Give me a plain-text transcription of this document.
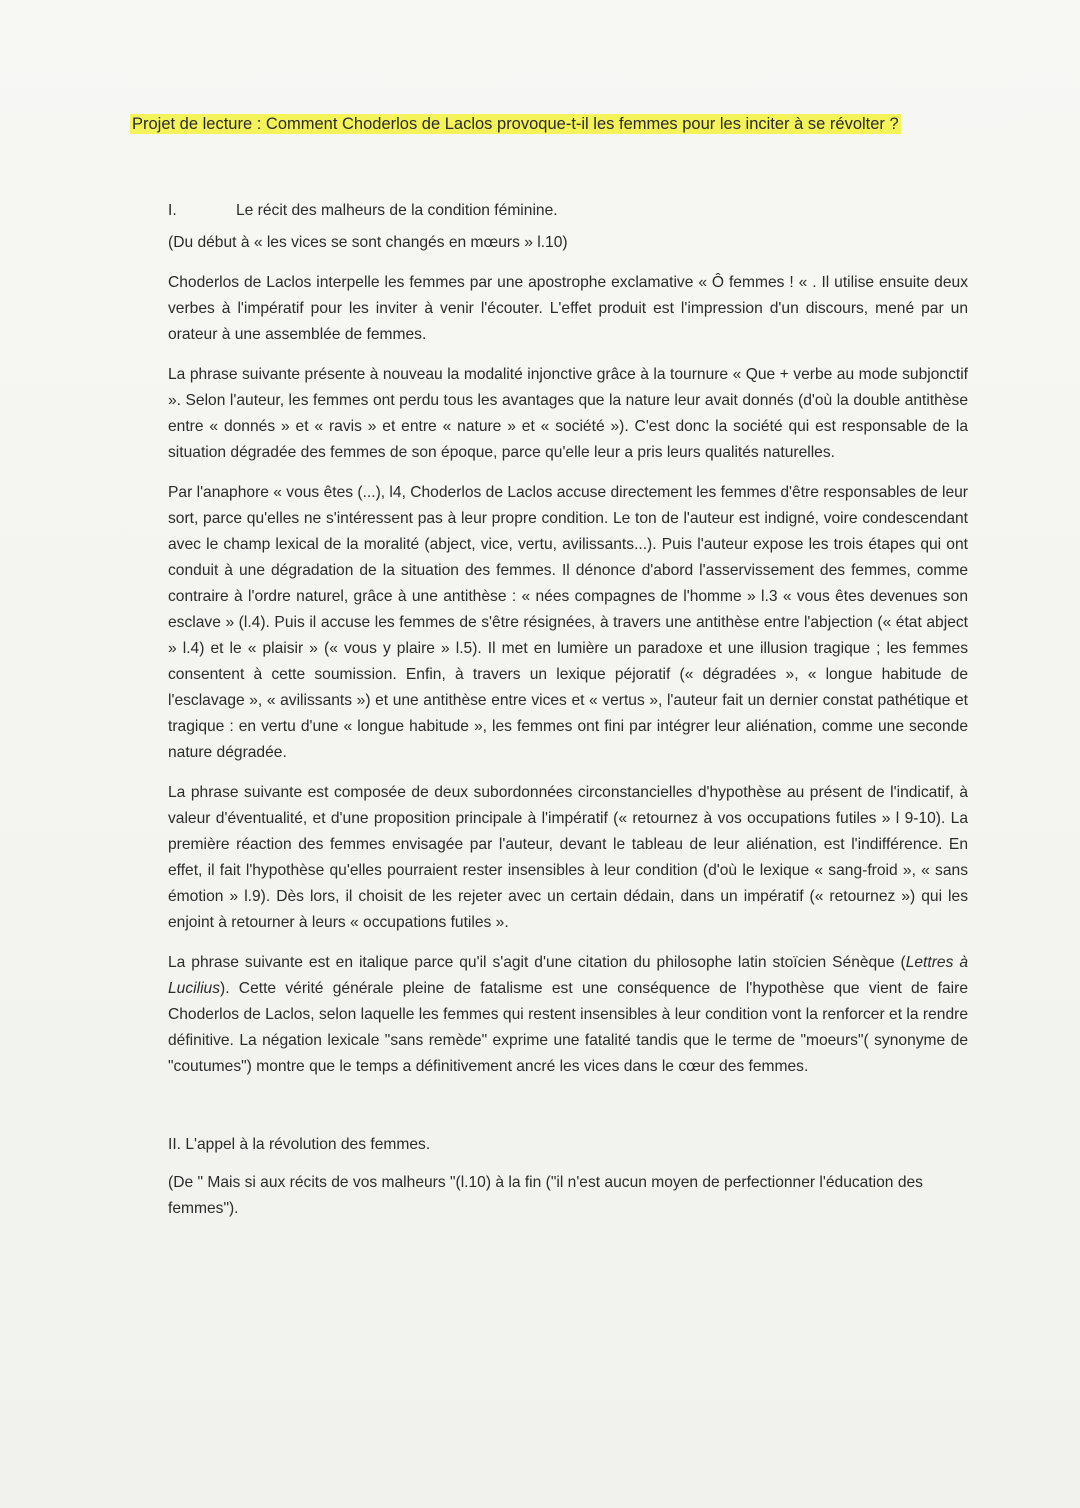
Projet de lecture : Comment Choderlos de Laclos provoque-t-il les femmes pour les inciter à se révolter ?
I.	Le récit des malheurs de la condition féminine.
(Du début à « les vices se sont changés en mœurs » l.10)

Choderlos de Laclos interpelle les femmes par une apostrophe exclamative « Ô femmes ! « . Il utilise ensuite deux verbes à l'impératif pour les inviter à venir l'écouter. L'effet produit est l'impression d'un discours, mené par un orateur à une assemblée de femmes.

La phrase suivante présente à nouveau la modalité injonctive grâce à la tournure « Que + verbe au mode subjonctif ». Selon l'auteur, les femmes ont perdu tous les avantages que la nature leur avait donnés (d'où la double antithèse entre « donnés » et « ravis » et entre « nature » et « société »). C'est donc la société qui est responsable de la situation dégradée des femmes de son époque, parce qu'elle leur a pris leurs qualités naturelles.

Par l'anaphore « vous êtes (...), l4, Choderlos de Laclos accuse directement les femmes d'être responsables de leur sort, parce qu'elles ne s'intéressent pas à leur propre condition. Le ton de l'auteur est indigné, voire condescendant avec le champ lexical de la moralité (abject, vice, vertu, avilissants...). Puis l'auteur expose les trois étapes qui ont conduit à une dégradation de la situation des femmes. Il dénonce d'abord l'asservissement des femmes, comme contraire à l'ordre naturel, grâce à une antithèse : « nées compagnes de l'homme » l.3 « vous êtes devenues son esclave » (l.4). Puis il accuse les femmes de s'être résignées, à travers une antithèse entre l'abjection (« état abject » l.4) et le « plaisir » (« vous y plaire » l.5). Il met en lumière un paradoxe et une illusion tragique ; les femmes consentent à cette soumission. Enfin, à travers un lexique péjoratif (« dégradées », « longue habitude de l'esclavage », « avilissants ») et une antithèse entre vices et « vertus », l'auteur fait un dernier constat pathétique et tragique : en vertu d'une « longue habitude », les femmes ont fini par intégrer leur aliénation, comme une seconde nature dégradée.

La phrase suivante est composée de deux subordonnées circonstancielles d'hypothèse au présent de l'indicatif, à valeur d'éventualité, et d'une proposition principale à l'impératif (« retournez à vos occupations futiles » l 9-10). La première réaction des femmes envisagée par l'auteur, devant le tableau de leur aliénation, est l'indifférence. En effet, il fait l'hypothèse qu'elles pourraient rester insensibles à leur condition (d'où le lexique « sang-froid », « sans émotion » l.9). Dès lors, il choisit de les rejeter avec un certain dédain, dans un impératif (« retournez ») qui les enjoint à retourner à leurs « occupations futiles ».

La phrase suivante est en italique parce qu'il s'agit d'une citation du philosophe latin stoïcien Sénèque (Lettres à Lucilius). Cette vérité générale pleine de fatalisme est une conséquence de l'hypothèse que vient de faire Choderlos de Laclos, selon laquelle les femmes qui restent insensibles à leur condition vont la renforcer et la rendre définitive. La négation lexicale "sans remède" exprime une fatalité tandis que le terme de "moeurs"( synonyme de "coutumes") montre que le temps a définitivement ancré les vices dans le cœur des femmes.

II. L'appel à la révolution des femmes.
(De " Mais si aux récits de vos malheurs "(l.10) à la fin ("il n'est aucun moyen de perfectionner l'éducation des femmes").
